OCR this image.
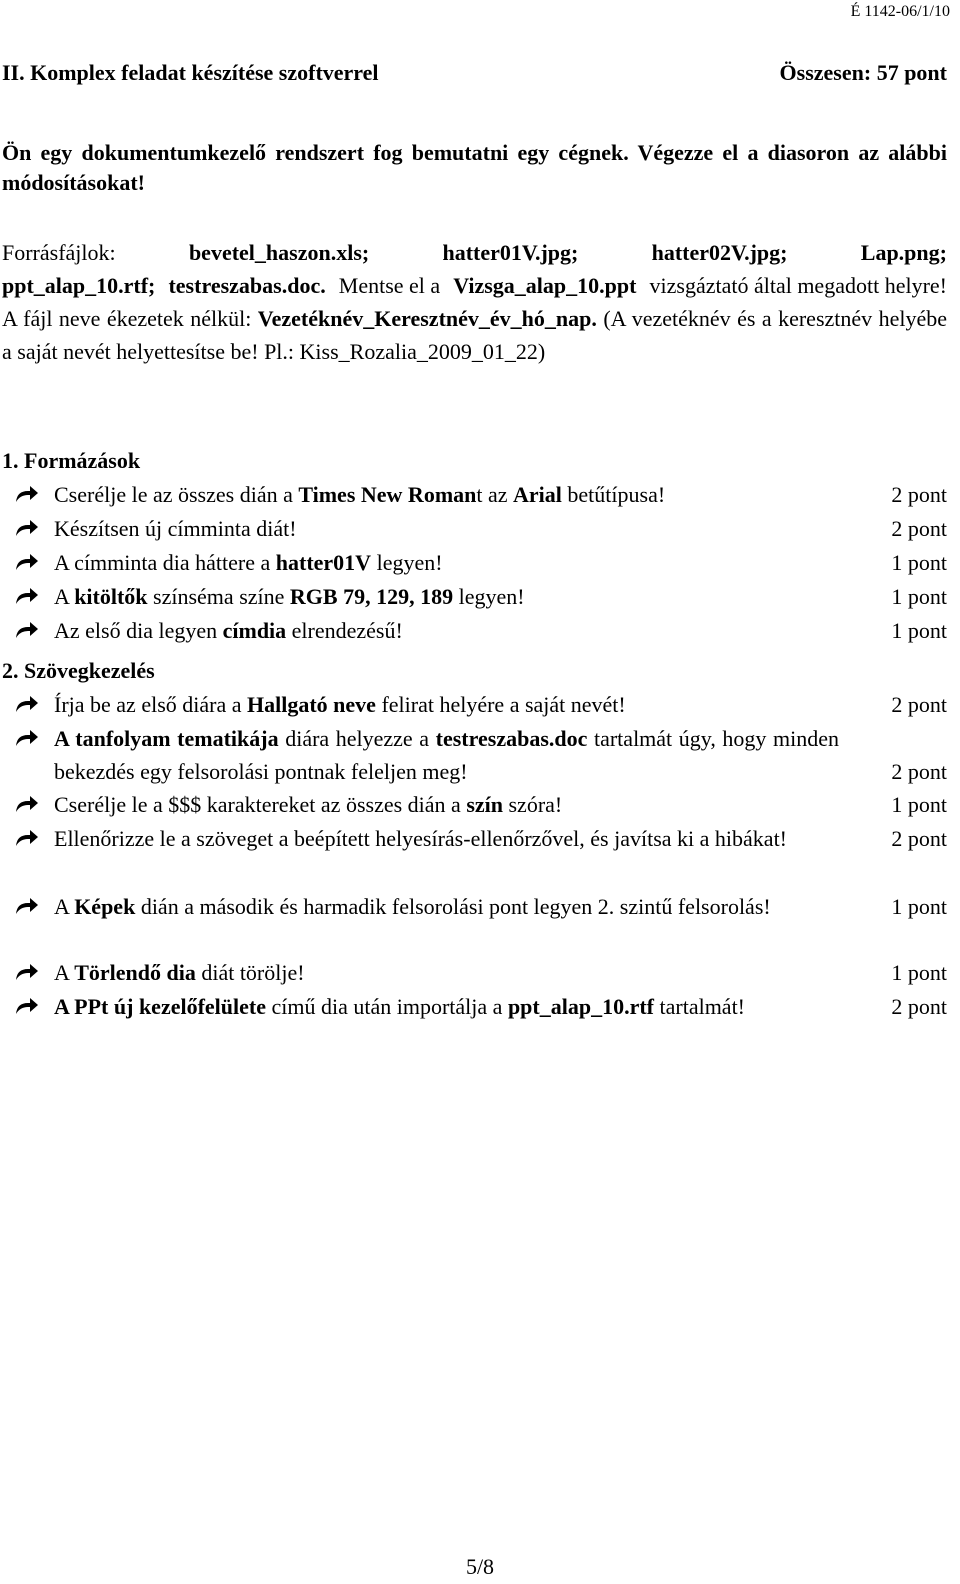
É 1142-06/1/10
II. Komplex feladat készítése szoftverrel	Összesen: 57 pont
Ön egy dokumentumkezelő rendszert fog bemutatni egy cégnek. Végezze el a diasoron az alábbi módosításokat!
Forrásfájlok:	bevetel_haszon.xls;	hatter01V.jpg;	hatter02V.jpg;	Lap.png;
ppt_alap_10.rtf; testreszabas.doc. Mentse el a Vizsga_alap_10.ppt vizsgáztató által megadott helyre!
A fájl neve ékezetek nélkül: Vezetéknév_Keresztnév_év_hó_nap. (A vezetéknév és a keresztnév helyébe a saját nevét helyettesítse be! Pl.: Kiss_Rozalia_2009_01_22)
1. Formázások
2. Szövegkezelés
Cserélje le az összes dián a Times New Romant az Arial betűtípusa!	2 pont
Készítsen új címminta diát!	2 pont
A címminta dia háttere a hatter01V legyen!	1 pont
A kitöltők színséma színe RGB 79, 129, 189 legyen!	1 pont
Az első dia legyen címdia elrendezésű!	1 pont
Írja be az első diára a Hallgató neve felirat helyére a saját nevét!	2 pont
A tanfolyam tematikája diára helyezze a testreszabas.doc tartalmát úgy, hogy minden bekezdés egy felsorolási pontnak feleljen meg!	2 pont
Cserélje le a $$$ karaktereket az összes dián a szín szóra!	1 pont
Ellenőrizze le a szöveget a beépített helyesírás-ellenőrzővel, és javítsa ki a hibákat!	2 pont
A Képek dián a második és harmadik felsorolási pont legyen 2. szintű felsorolás!	1 pont
A Törlendő dia diát törölje!	1 pont
A PPt új kezelőfelülete című dia után importálja a ppt_alap_10.rtf tartalmát!	2 pont
5/8
